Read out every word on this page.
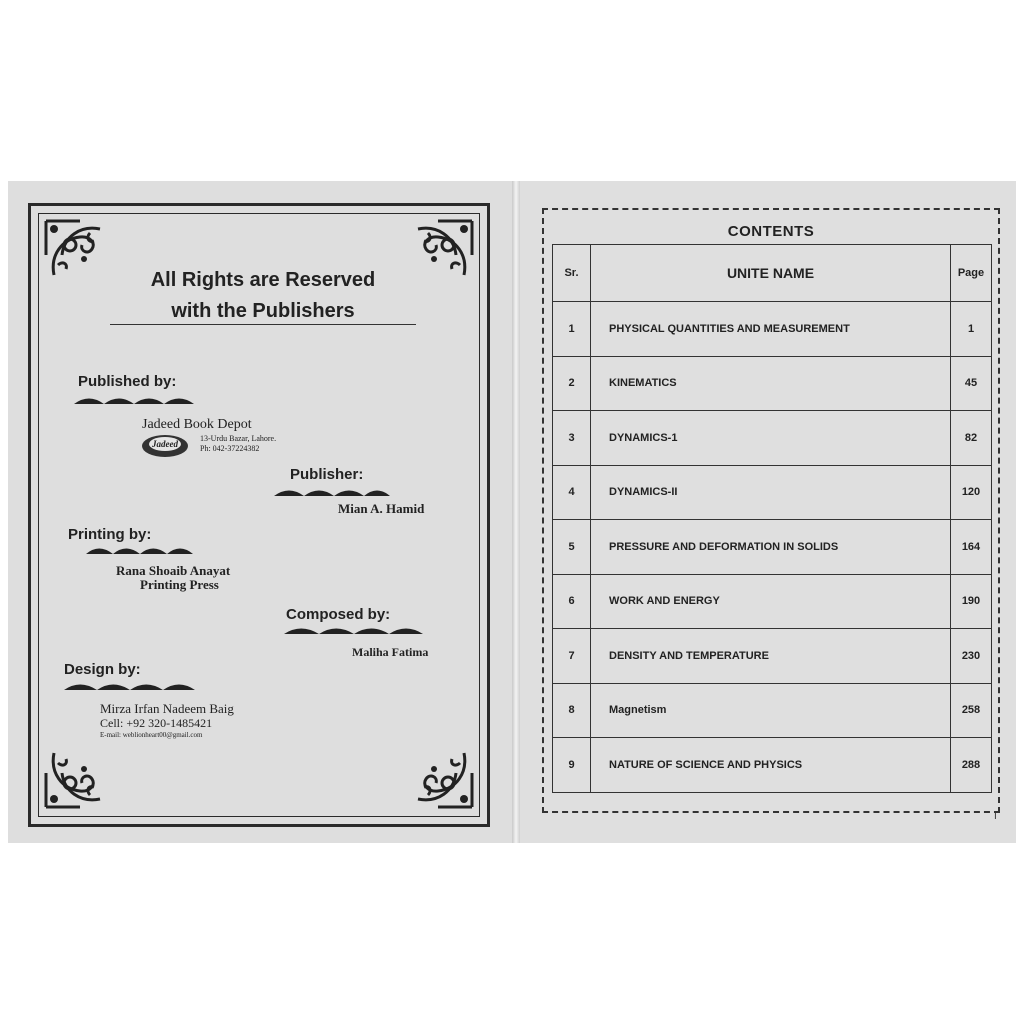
All Rights are Reserved
with the Publishers
Published by:
Jadeed Book Depot
Jadeed
13-Urdu Bazar, Lahore.
Ph: 042-37224382
Publisher:
Mian A. Hamid
Printing by:
Rana Shoaib Anayat
Printing Press
Composed by:
Maliha Fatima
Design by:
Mirza Irfan Nadeem Baig
Cell: +92 320-1485421
E-mail: weblionheart00@gmail.com
CONTENTS
Sr.	UNITE NAME	Page
1	PHYSICAL QUANTITIES AND MEASUREMENT	1
2	KINEMATICS	45
3	DYNAMICS-1	82
4	DYNAMICS-II	120
5	PRESSURE AND DEFORMATION IN SOLIDS	164
6	WORK AND ENERGY	190
7	DENSITY AND TEMPERATURE	230
8	Magnetism	258
9	NATURE OF SCIENCE AND PHYSICS	288
I
